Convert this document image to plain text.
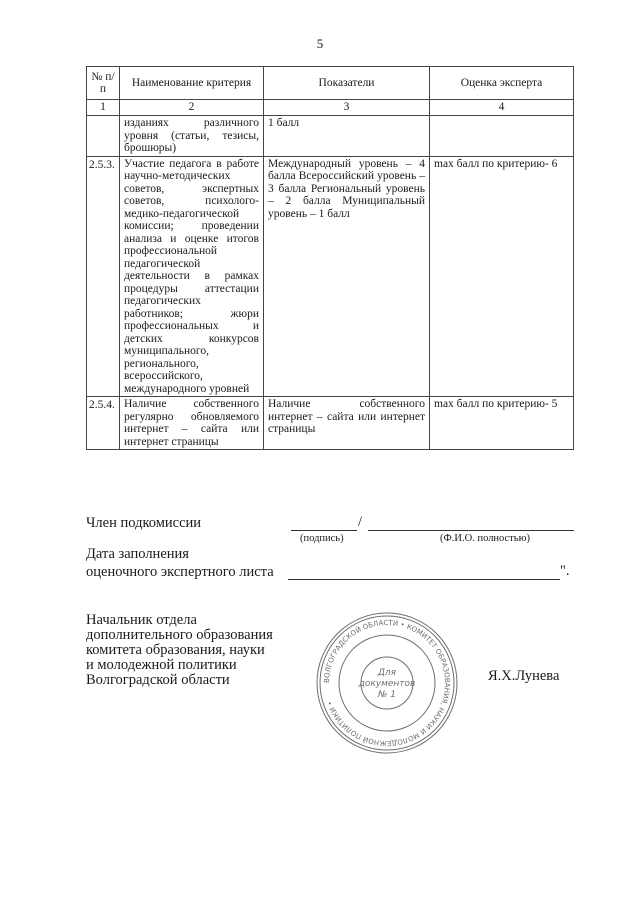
5
№ п/п	Наименование критерия	Показатели	Оценка эксперта
1	2	3	4
	изданиях различного уровня (статьи, тезисы, брошюры)	1 балл	
2.5.3.	Участие педагога в работе научно-методических советов, экспертных советов, психолого-медико-педагогической комиссии; проведении анализа и оценке итогов профессиональной педагогической деятельности в рамках процедуры аттестации педагогических работников; жюри профессиональных и детских конкурсов муниципального, регионального, всероссийского, международного уровней	Международный уровень – 4 балла Всероссийский уровень – 3 балла Региональный уровень – 2 балла Муниципальный уровень – 1 балл	max балл по критерию- 6
2.5.4.	Наличие собственного регулярно обновляемого интернет – сайта или интернет страницы	Наличие собственного интернет – сайта или интернет страницы	max балл по критерию- 5
Член подкомиссии	/
(подпись)	(Ф.И.О. полностью)
Дата заполнения
оценочного экспертного листа	".
Начальник отдела
дополнительного образования
комитета образования, науки
и молодежной политики
Волгоградской области	Я.Х.Лунева
ВОЛГОГРАДСКОЙ ОБЛАСТИ • КОМИТЕТ ОБРАЗОВАНИЯ, НАУКИ И МОЛОДЕЖНОЙ ПОЛИТИКИ •
Для
документов
№ 1
